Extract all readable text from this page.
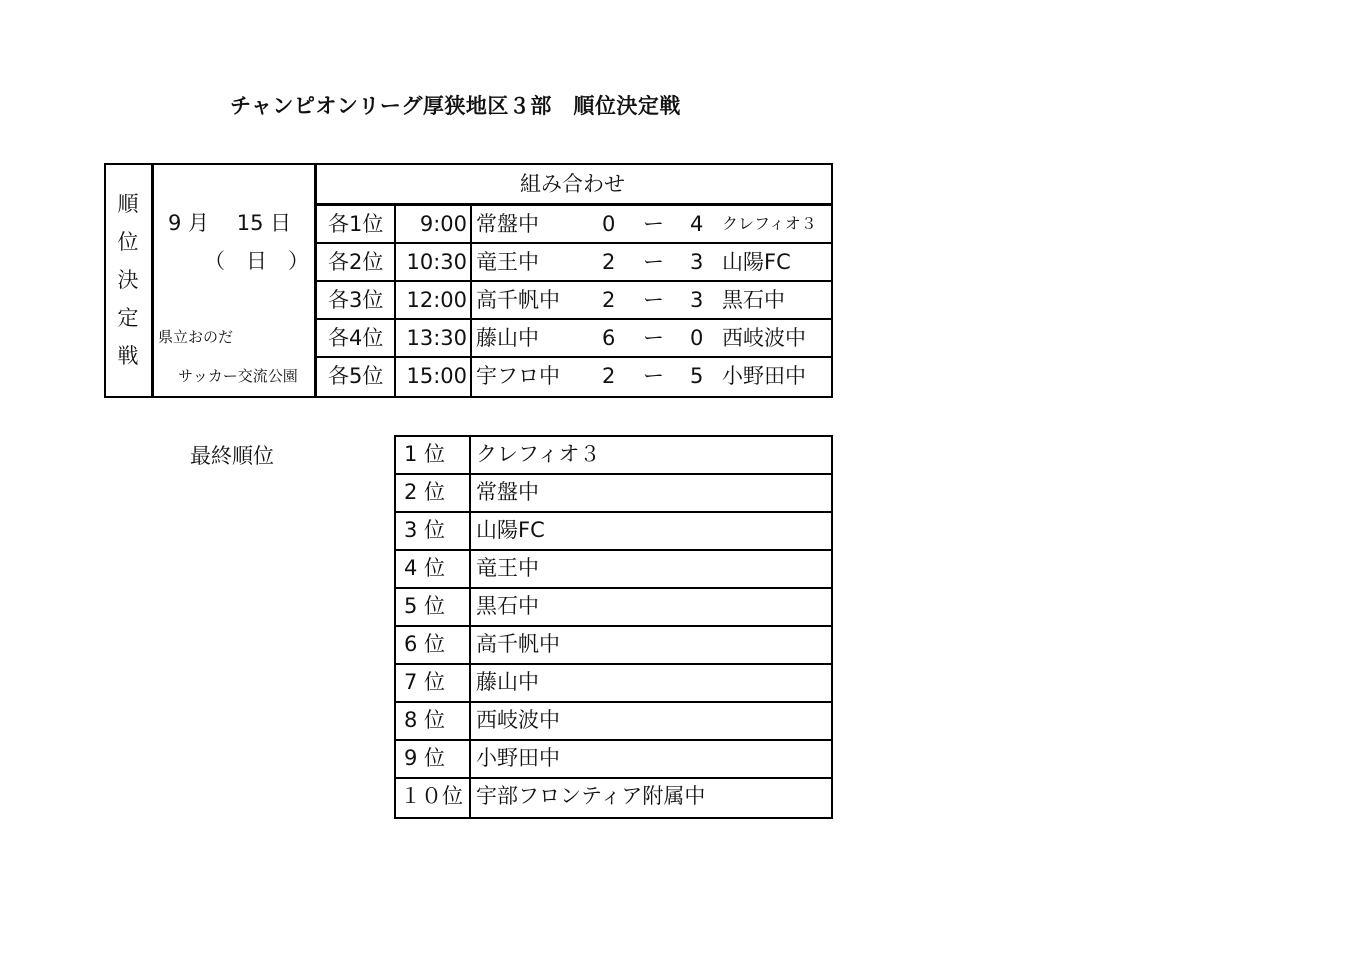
チャンピオンリーグ厚狭地区３部　順位決定戦
順
位
決
定
戦
9 月　 15 日
（　日　）
県立おのだ
サッカー交流公園
組み合わせ
各1位	9:00 常盤中	0 ー 4 クレフィオ３
各2位	10:30 竜王中	2 ー 3 山陽FC
各3位	12:00 高千帆中 2 ー 3 黒石中
各4位	13:30 藤山中	6 ー 0 西岐波中
各5位	15:00 宇フロ中 2 ー 5 小野田中
最終順位	1 位 クレフィオ３
2 位 常盤中
3 位 山陽FC
4 位 竜王中
5 位 黒石中
6 位 高千帆中
7 位 藤山中
8 位 西岐波中
9 位 小野田中
１０位 宇部フロンティア附属中
